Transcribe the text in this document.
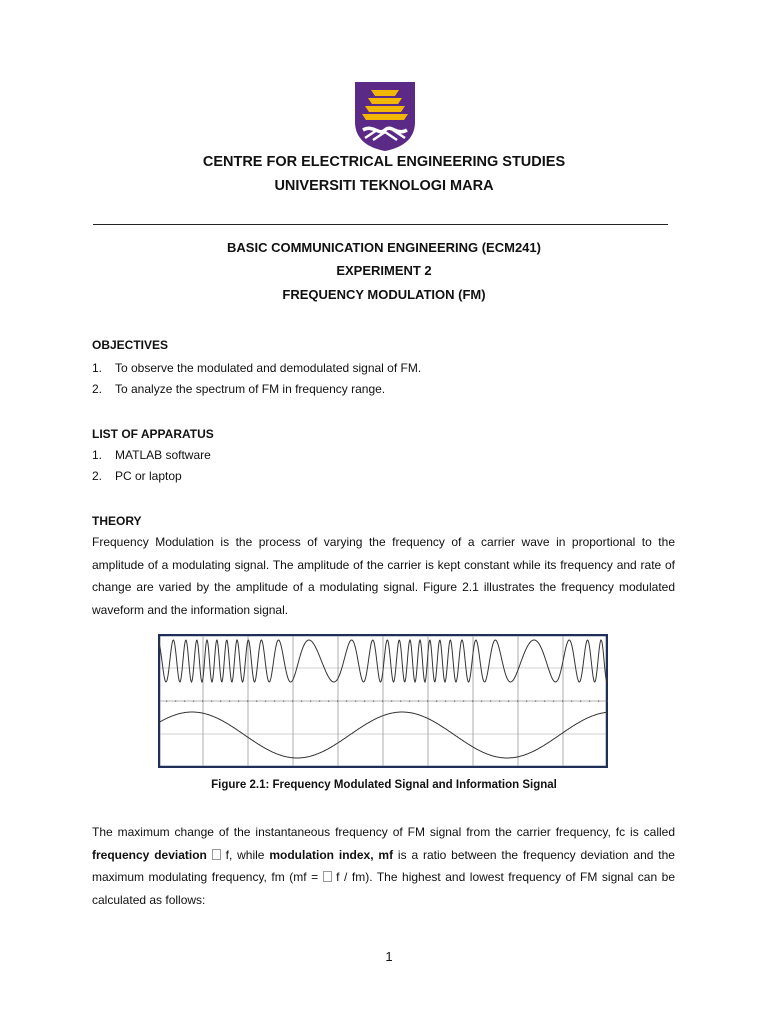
CENTRE FOR ELECTRICAL ENGINEERING STUDIES
UNIVERSITI TEKNOLOGI MARA
BASIC COMMUNICATION ENGINEERING (ECM241)
EXPERIMENT 2
FREQUENCY MODULATION (FM)
OBJECTIVES
1. To observe the modulated and demodulated signal of FM.
2. To analyze the spectrum of FM in frequency range.
LIST OF APPARATUS
1. MATLAB software
2. PC or laptop
THEORY
Frequency Modulation is the process of varying the frequency of a carrier wave in proportional to the amplitude of a modulating signal. The amplitude of the carrier is kept constant while its frequency and rate of change are varied by the amplitude of a modulating signal. Figure 2.1 illustrates the frequency modulated waveform and the information signal.
Figure 2.1: Frequency Modulated Signal and Information Signal
The maximum change of the instantaneous frequency of FM signal from the carrier frequency, fc is called frequency deviation  f, while modulation index, mf is a ratio between the frequency deviation and the maximum modulating frequency, fm (mf =  f / fm). The highest and lowest frequency of FM signal can be calculated as follows:
1
